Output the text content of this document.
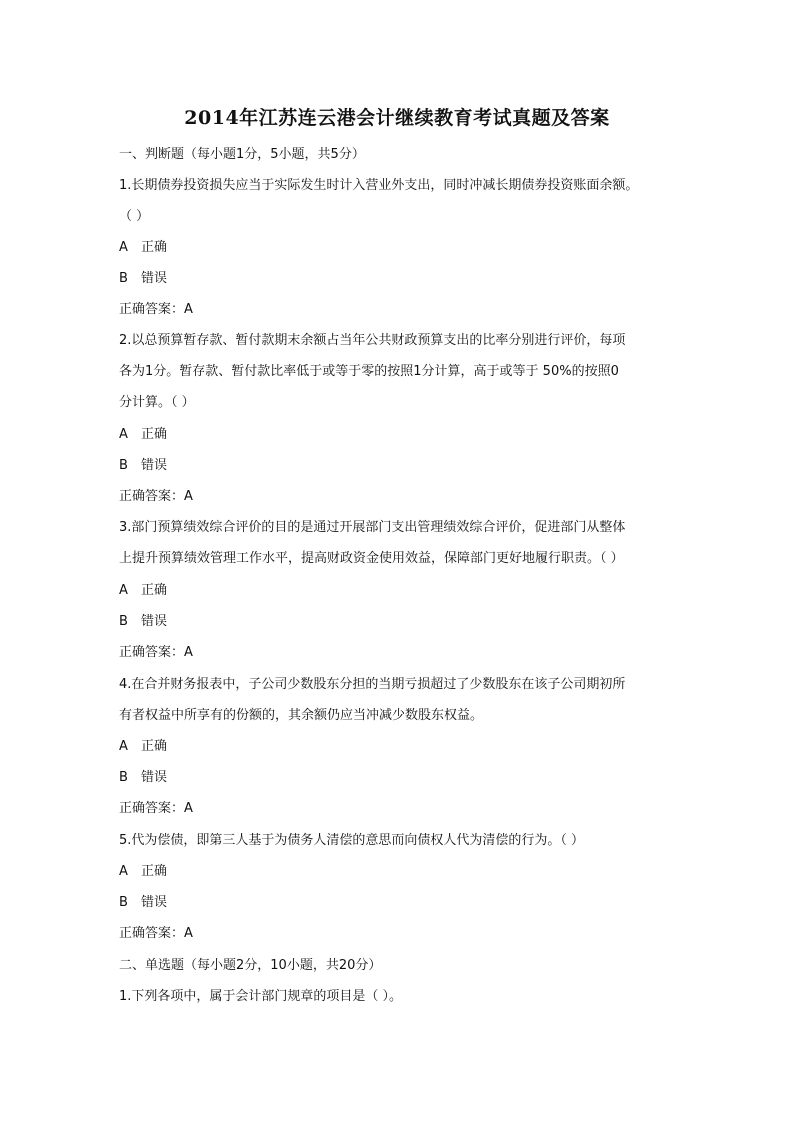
2014年江苏连云港会计继续教育考试真题及答案
一、判断题（每小题1分，5小题，共5分）
1.长期债券投资损失应当于实际发生时计入营业外支出，同时冲减长期债券投资账面余额。
（ ）
A 正确
B 错误
正确答案：A
2.以总预算暂存款、暂付款期末余额占当年公共财政预算支出的比率分别进行评价，每项
各为1分。暂存款、暂付款比率低于或等于零的按照1分计算，高于或等于 50%的按照0
分计算。（ ）
A 正确
B 错误
正确答案：A
3.部门预算绩效综合评价的目的是通过开展部门支出管理绩效综合评价，促进部门从整体
上提升预算绩效管理工作水平，提高财政资金使用效益，保障部门更好地履行职责。（ ）
A 正确
B 错误
正确答案：A
4.在合并财务报表中，子公司少数股东分担的当期亏损超过了少数股东在该子公司期初所
有者权益中所享有的份额的，其余额仍应当冲减少数股东权益。
A 正确
B 错误
正确答案：A
5.代为偿债，即第三人基于为债务人清偿的意思而向债权人代为清偿的行为。（ ）
A 正确
B 错误
正确答案：A
二、单选题（每小题2分，10小题，共20分）
1.下列各项中，属于会计部门规章的项目是（ ）。
